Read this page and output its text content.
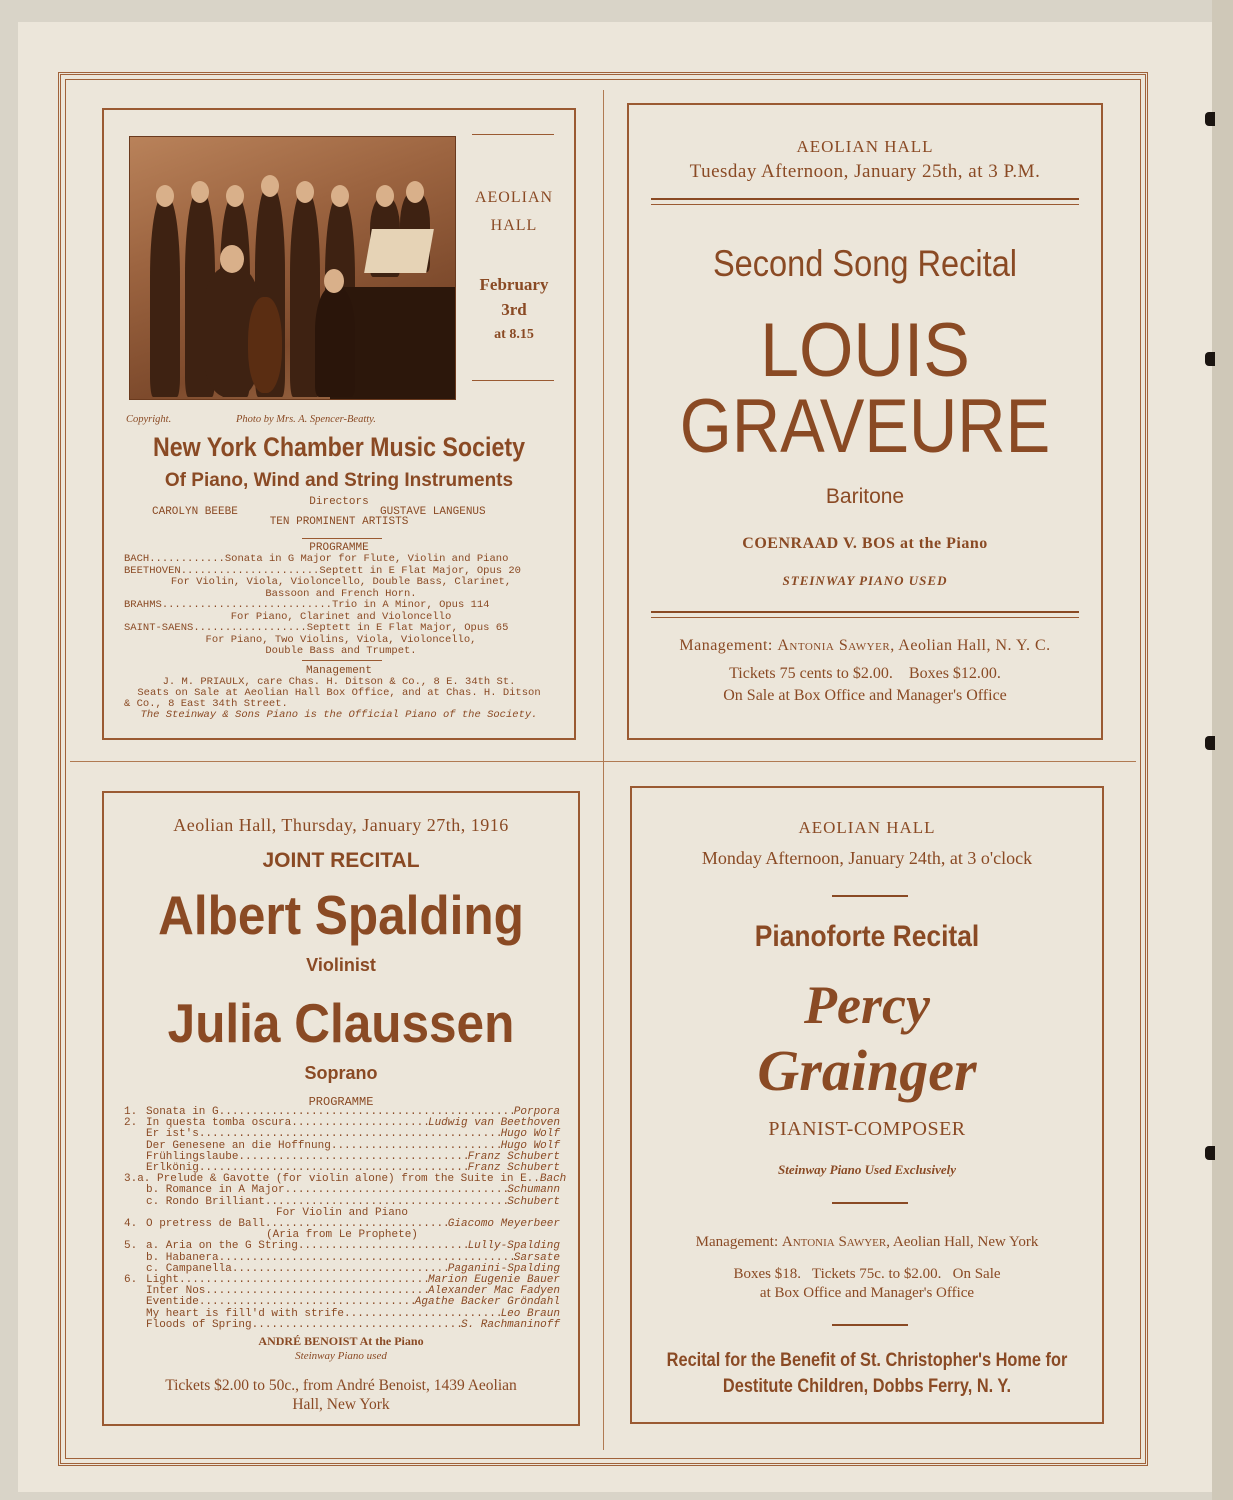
AEOLIAN
HALL
February
3rd
at 8.15
Copyright.	Photo by Mrs. A. Spencer-Beatty.
New York Chamber Music Society
Of Piano, Wind and String Instruments
Directors
CAROLYN BEEBE	GUSTAVE LANGENUS
TEN PROMINENT ARTISTS
PROGRAMME
BACH ............ Sonata in G Major for Flute, Violin and Piano
BEETHOVEN ...................... Septett in E Flat Major, Opus 20
For Violin, Viola, Violoncello, Double Bass, Clarinet,
Bassoon and French Horn.
BRAHMS ........................... Trio in A Minor, Opus 114
For Piano, Clarinet and Violoncello
SAINT-SAENS .................. Septett in E Flat Major, Opus 65
For Piano, Two Violins, Viola, Violoncello,
Double Bass and Trumpet.
Management
J. M. PRIAULX, care Chas. H. Ditson & Co., 8 E. 34th St.
Seats on Sale at Aeolian Hall Box Office, and at Chas. H. Ditson
& Co., 8 East 34th Street.
The Steinway & Sons Piano is the Official Piano of the Society.
AEOLIAN HALL
Tuesday Afternoon, January 25th, at 3 P.M.
Second Song Recital
LOUIS
GRAVEURE
Baritone
COENRAAD V. BOS at the Piano
STEINWAY PIANO USED
Management: Antonia Sawyer, Aeolian Hall, N. Y. C.
Tickets 75 cents to $2.00.    Boxes $12.00.
On Sale at Box Office and Manager's Office
Aeolian Hall, Thursday, January 27th, 1916
JOINT RECITAL
Albert Spalding
Violinist
Julia Claussen
Soprano
PROGRAMME
1. Sonata in G .....	Porpora
2. In questa tomba oscura .....	Ludwig van Beethoven
Er ist's .....	Hugo Wolf
Der Genesene an die Hoffnung .....	Hugo Wolf
Frühlingslaube .....	Franz Schubert
Erlkönig .....	Franz Schubert
3. a. Prelude & Gavotte (for violin alone) from the Suite in E.. Bach
b. Romance in A Major .....	Schumann
c. Rondo Brilliant .....	Schubert
For Violin and Piano
4. O pretress de Ball .....	Giacomo Meyerbeer
(Aria from Le Prophete)
5. a. Aria on the G String .....	Lully-Spalding
b. Habanera .....	Sarsate
c. Campanella .....	Paganini-Spalding
6. Light .....	Marion Eugenie Bauer
Inter Nos .....	Alexander Mac Fadyen
Eventide .....	Agathe Backer Gröndahl
My heart is fill'd with strife .....	Leo Braun
Floods of Spring .....	S. Rachmaninoff
ANDRÉ BENOIST At the Piano
Steinway Piano used
Tickets $2.00 to 50c., from André Benoist, 1439 Aeolian
Hall, New York
AEOLIAN HALL
Monday Afternoon, January 24th, at 3 o'clock
Pianoforte Recital
Percy
Grainger
PIANIST-COMPOSER
Steinway Piano Used Exclusively
Management: Antonia Sawyer, Aeolian Hall, New York
Boxes $18.   Tickets 75c. to $2.00.   On Sale
at Box Office and Manager's Office
Recital for the Benefit of St. Christopher's Home for
Destitute Children, Dobbs Ferry, N. Y.
